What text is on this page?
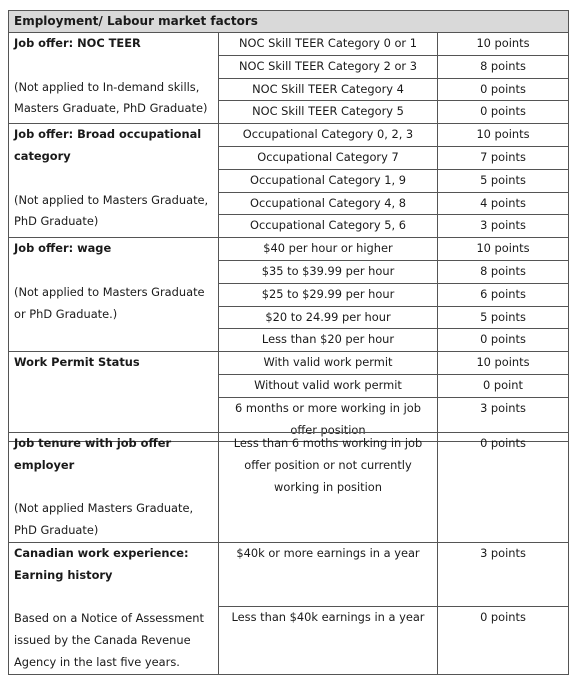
Employment/ Labour market factors		

Job offer: NOC TEER
(Not applied to In-demand skills,
Masters Graduate, PhD Graduate)	NOC Skill TEER Category 0 or 1	10 points
	NOC Skill TEER Category 2 or 3	8 points
	NOC Skill TEER Category 4	0 points
	NOC Skill TEER Category 5	0 points

Job offer: Broad occupational
category
(Not applied to Masters Graduate,
PhD Graduate)	Occupational Category 0, 2, 3	10 points
	Occupational Category 7	7 points
	Occupational Category 1, 9	5 points
	Occupational Category 4, 8	4 points
	Occupational Category 5, 6	3 points

Job offer: wage
(Not applied to Masters Graduate
or PhD Graduate.)	$40 per hour or higher	10 points
	$35 to $39.99 per hour	8 points
	$25 to $29.99 per hour	6 points
	$20 to 24.99 per hour	5 points
	Less than $20 per hour	0 points

Work Permit Status	With valid work permit	10 points
	Without valid work permit	0 point

	6 months or more working in job
offer position	3 points
Job tenure with job offer
employer
(Not applied Masters Graduate,
PhD Graduate)	Less than 6 moths working in job
offer position or not currently
working in position	0 points

Canadian work experience:
Earning history
Based on a Notice of Assessment
issued by the Canada Revenue
Agency in the last five years.	$40k or more earnings in a year	3 points
	Less than $40k earnings in a year	0 points
